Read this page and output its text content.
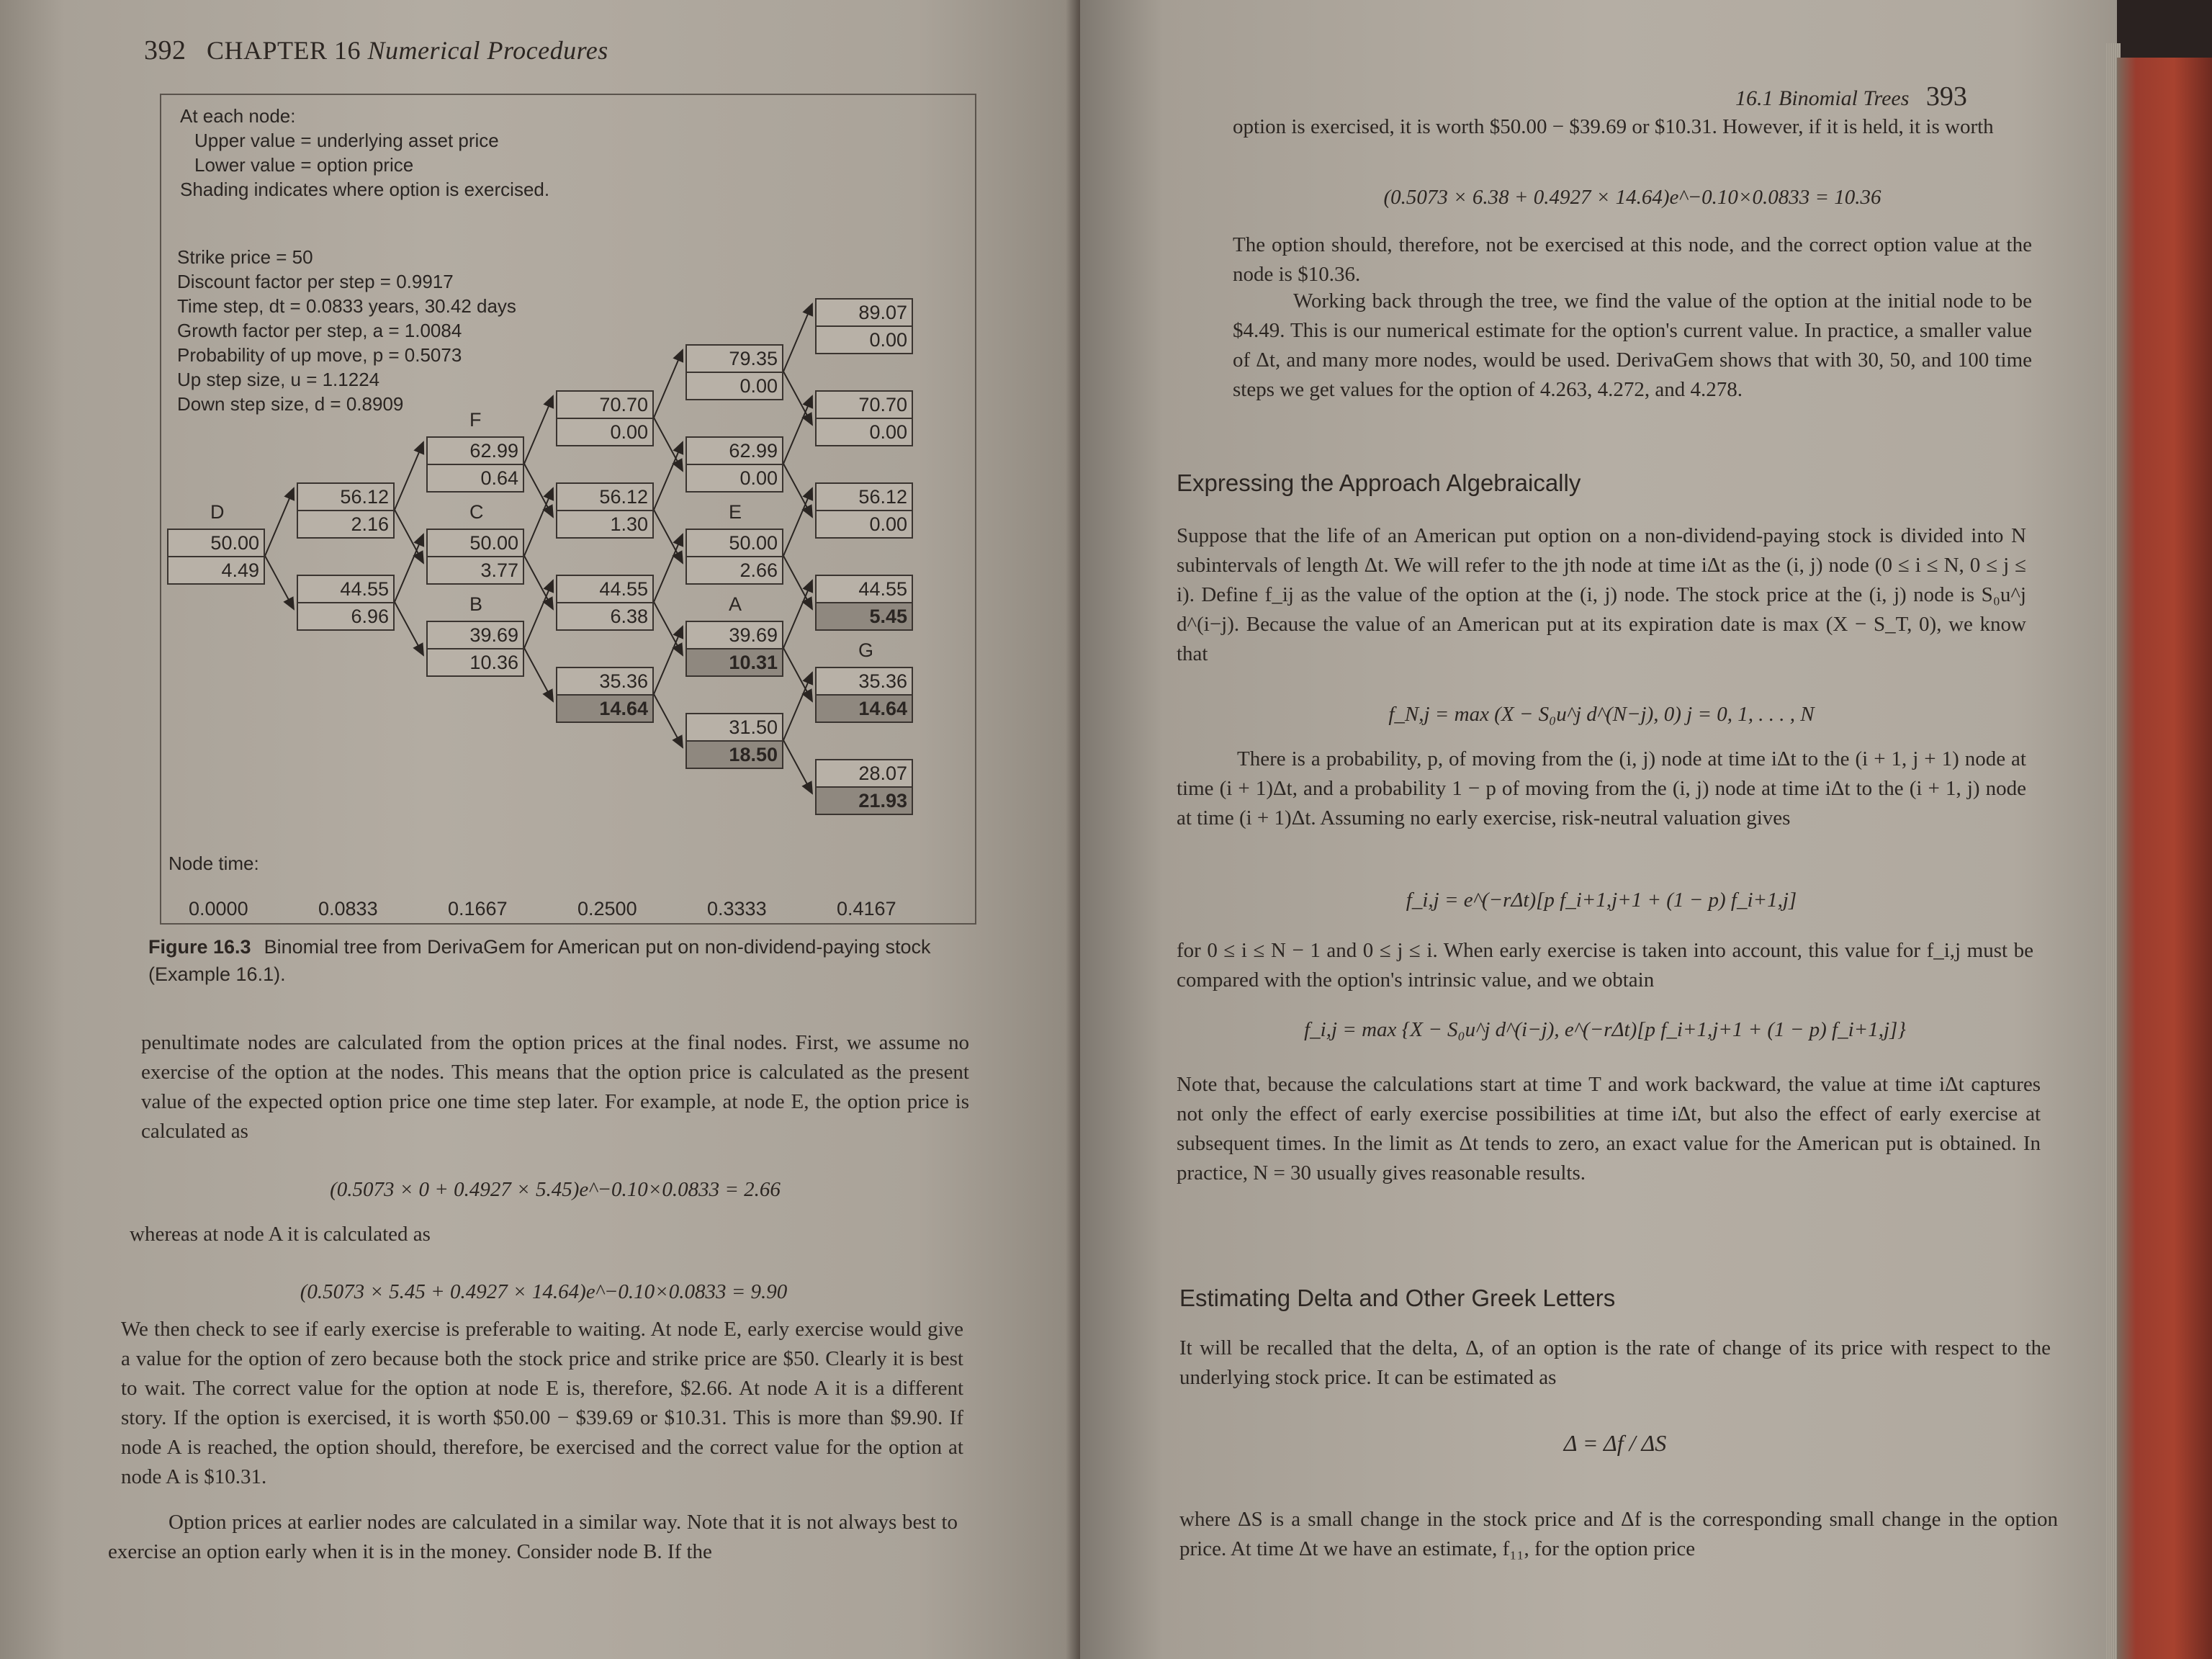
392 CHAPTER 16 Numerical Procedures
At each node:
Upper value = underlying asset price
Lower value = option price
Shading indicates where option is exercised.
Strike price = 50
Discount factor per step = 0.9917
Time step, dt = 0.0833 years, 30.42 days
Growth factor per step, a = 1.0084
Probability of up move, p = 0.5073
Up step size, u = 1.1224
Down step size, d = 0.8909
50.00
4.49
D
56.12
2.16
44.55
6.96
62.99
0.64
F
50.00
3.77
C
39.69
10.36
B
70.70
0.00
56.12
1.30
44.55
6.38
35.36
14.64
79.35
0.00
62.99
0.00
50.00
2.66
E
39.69
10.31
A
31.50
18.50
89.07
0.00
70.70
0.00
56.12
0.00
44.55
5.45
35.36
14.64
G
28.07
21.93
Node time:
0.0000	0.0833	0.1667	0.2500	0.3333	0.4167
Figure 16.3 Binomial tree from DerivaGem for American put on non-dividend-paying stock (Example 16.1).
penultimate nodes are calculated from the option prices at the final nodes. First, we assume no exercise of the option at the nodes. This means that the option price is calculated as the present value of the expected option price one time step later. For example, at node E, the option price is calculated as
(0.5073 × 0 + 0.4927 × 5.45)e^−0.10×0.0833 = 2.66
whereas at node A it is calculated as
(0.5073 × 5.45 + 0.4927 × 14.64)e^−0.10×0.0833 = 9.90
We then check to see if early exercise is preferable to waiting. At node E, early exercise would give a value for the option of zero because both the stock price and strike price are $50. Clearly it is best to wait. The correct value for the option at node E is, therefore, $2.66. At node A it is a different story. If the option is exercised, it is worth $50.00 − $39.69 or $10.31. This is more than $9.90. If node A is reached, the option should, therefore, be exercised and the correct value for the option at node A is $10.31.
Option prices at earlier nodes are calculated in a similar way. Note that it is not always best to exercise an option early when it is in the money. Consider node B. If the
16.1 Binomial Trees 393
option is exercised, it is worth $50.00 − $39.69 or $10.31. However, if it is held, it is worth
(0.5073 × 6.38 + 0.4927 × 14.64)e^−0.10×0.0833 = 10.36
The option should, therefore, not be exercised at this node, and the correct option value at the node is $10.36.
Working back through the tree, we find the value of the option at the initial node to be $4.49. This is our numerical estimate for the option's current value. In practice, a smaller value of Δt, and many more nodes, would be used. DerivaGem shows that with 30, 50, and 100 time steps we get values for the option of 4.263, 4.272, and 4.278.
Expressing the Approach Algebraically
Suppose that the life of an American put option on a non-dividend-paying stock is divided into N subintervals of length Δt. We will refer to the jth node at time iΔt as the (i, j) node (0 ≤ i ≤ N, 0 ≤ j ≤ i). Define f_ij as the value of the option at the (i, j) node. The stock price at the (i, j) node is S₀u^j d^(i−j). Because the value of an American put at its expiration date is max (X − S_T, 0), we know that
f_N,j = max (X − S₀u^j d^(N−j), 0) j = 0, 1, . . . , N
There is a probability, p, of moving from the (i, j) node at time iΔt to the (i + 1, j + 1) node at time (i + 1)Δt, and a probability 1 − p of moving from the (i, j) node at time iΔt to the (i + 1, j) node at time (i + 1)Δt. Assuming no early exercise, risk-neutral valuation gives
f_i,j = e^(−rΔt)[p f_i+1,j+1 + (1 − p) f_i+1,j]
for 0 ≤ i ≤ N − 1 and 0 ≤ j ≤ i. When early exercise is taken into account, this value for f_i,j must be compared with the option's intrinsic value, and we obtain
f_i,j = max {X − S₀u^j d^(i−j), e^(−rΔt)[p f_i+1,j+1 + (1 − p) f_i+1,j]}
Note that, because the calculations start at time T and work backward, the value at time iΔt captures not only the effect of early exercise possibilities at time iΔt, but also the effect of early exercise at subsequent times. In the limit as Δt tends to zero, an exact value for the American put is obtained. In practice, N = 30 usually gives reasonable results.
Estimating Delta and Other Greek Letters
It will be recalled that the delta, Δ, of an option is the rate of change of its price with respect to the underlying stock price. It can be estimated as
Δ = Δf / ΔS
where ΔS is a small change in the stock price and Δf is the corresponding small change in the option price. At time Δt we have an estimate, f₁₁, for the option price
